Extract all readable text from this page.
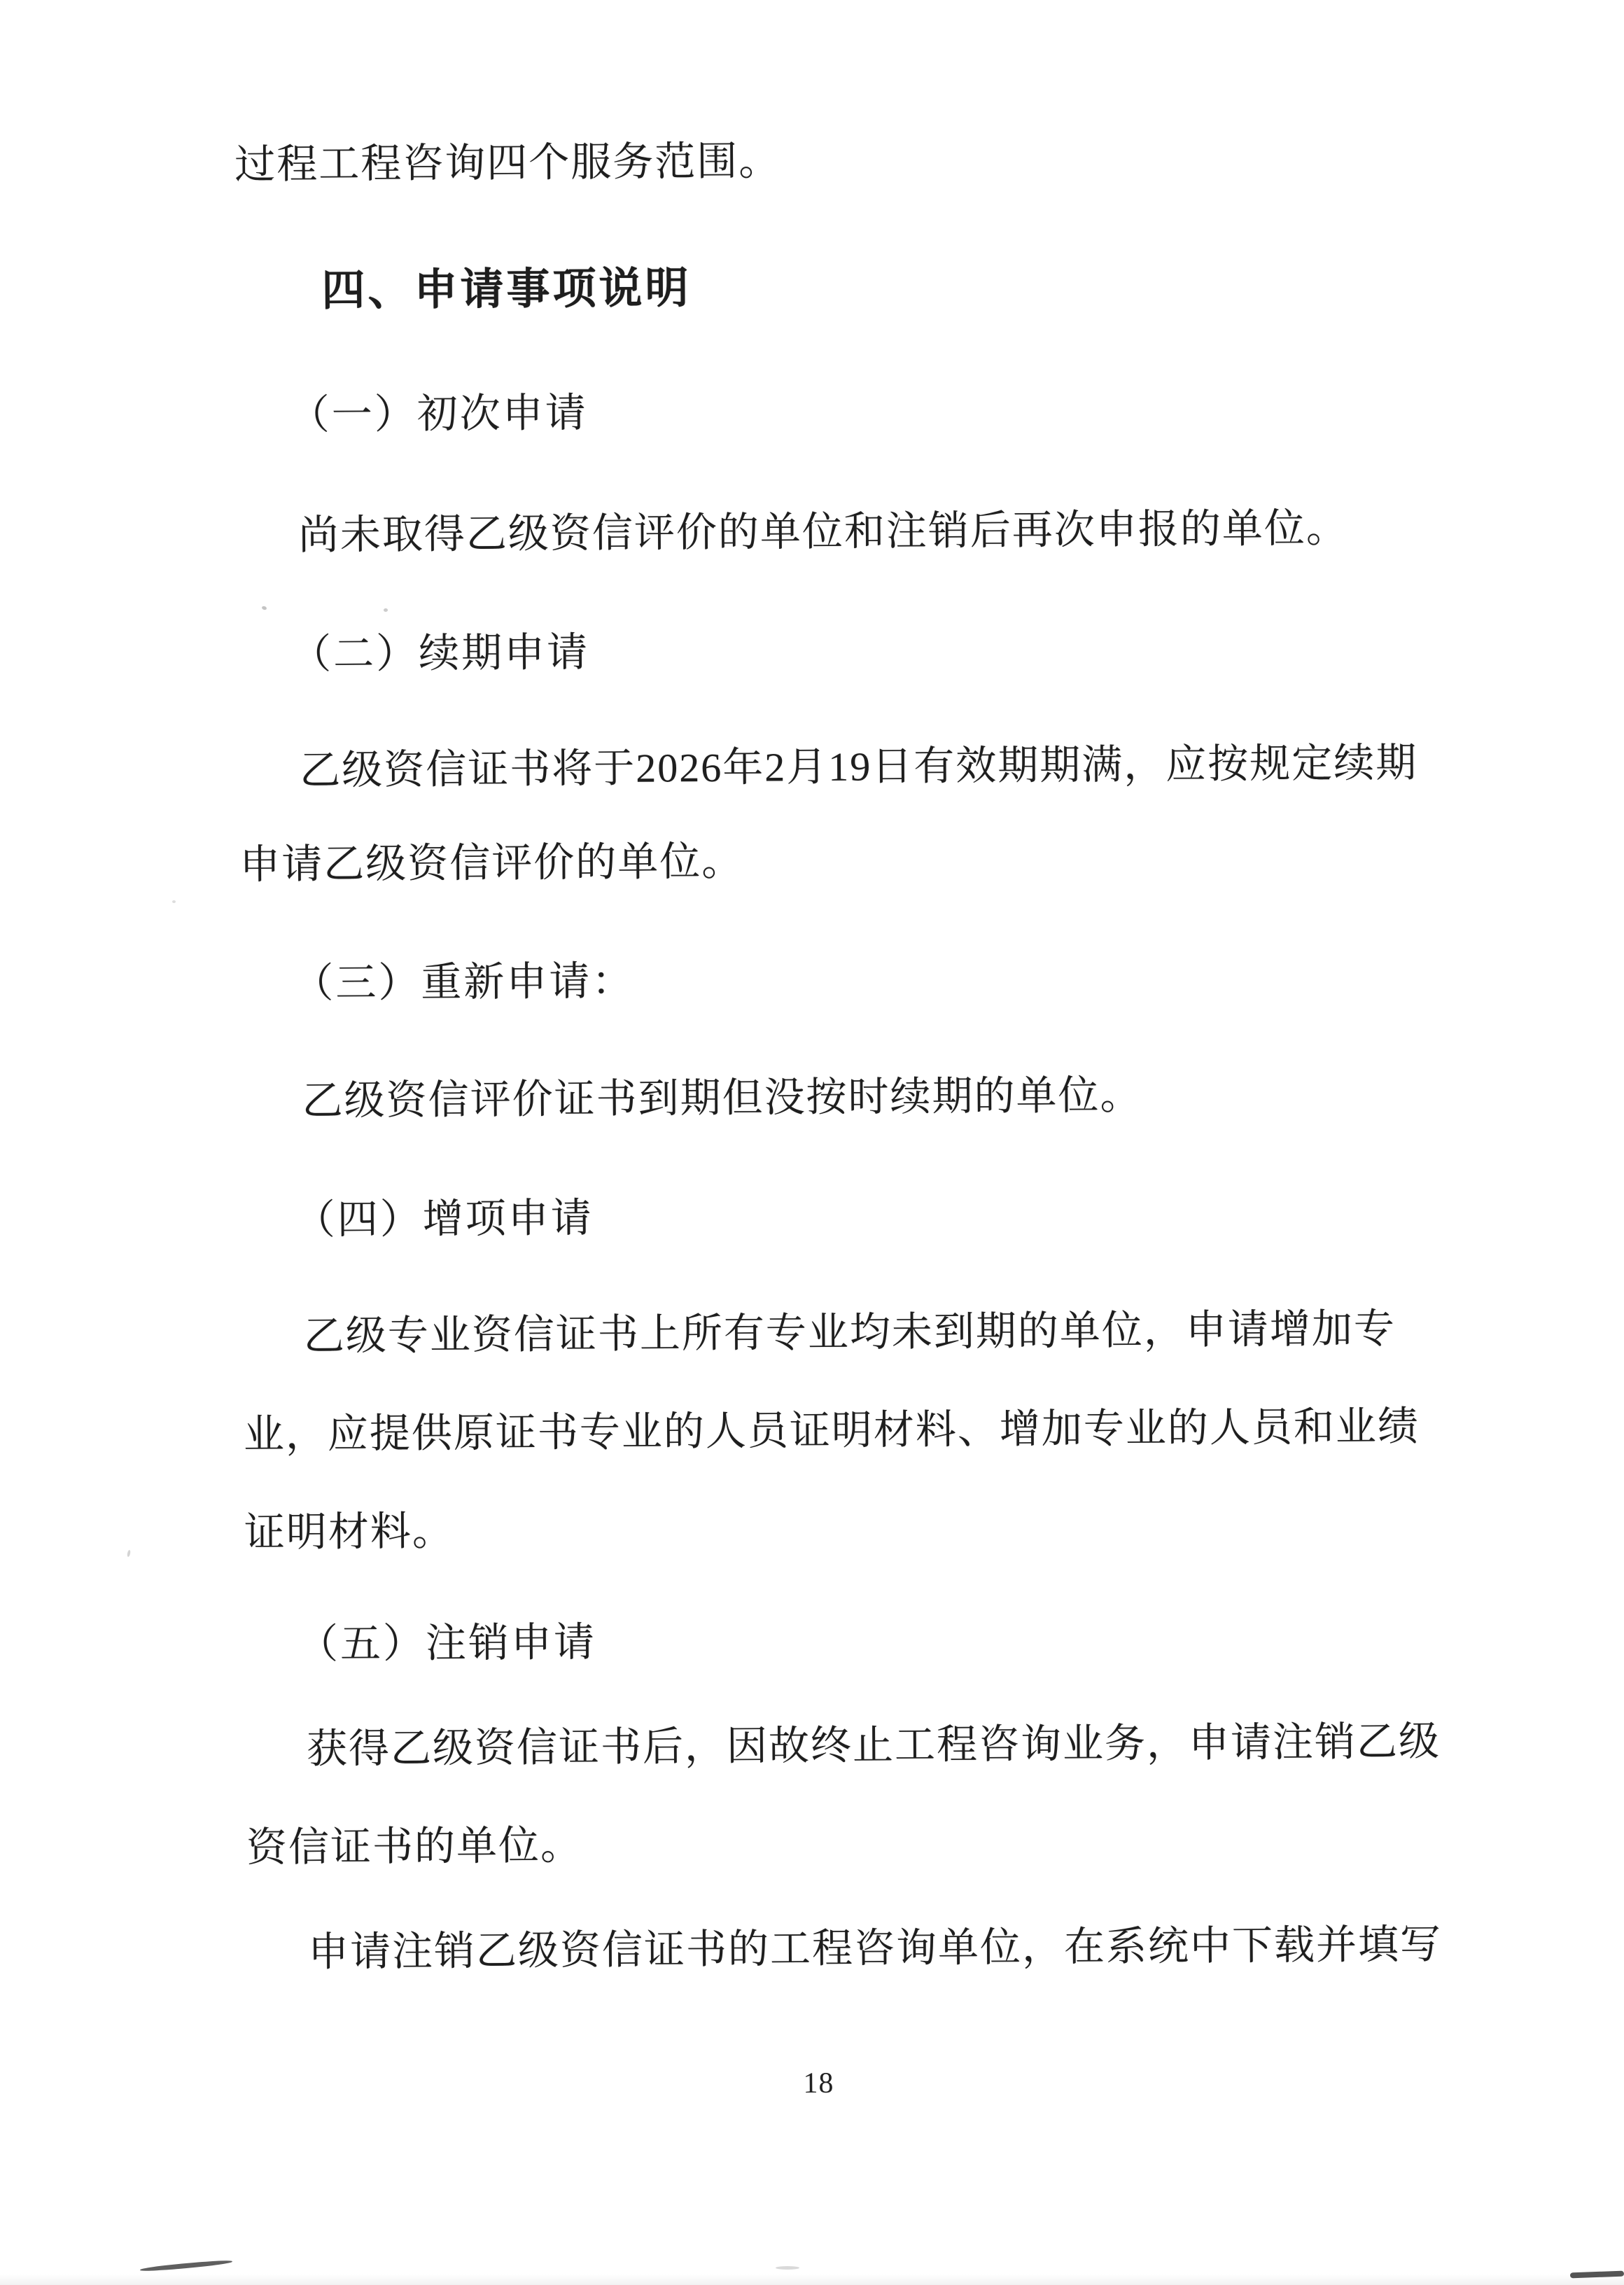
过程工程咨询四个服务范围。
四、申请事项说明
（一）初次申请
尚未取得乙级资信评价的单位和注销后再次申报的单位。
（二）续期申请
乙级资信证书将于2026年2月19日有效期期满，应按规定续期
申请乙级资信评价的单位。
（三）重新申请：
乙级资信评价证书到期但没按时续期的单位。
（四）增项申请
乙级专业资信证书上所有专业均未到期的单位，申请增加专
业，应提供原证书专业的人员证明材料、增加专业的人员和业绩
证明材料。
（五）注销申请
获得乙级资信证书后，因故终止工程咨询业务，申请注销乙级
资信证书的单位。
申请注销乙级资信证书的工程咨询单位，在系统中下载并填写
18
